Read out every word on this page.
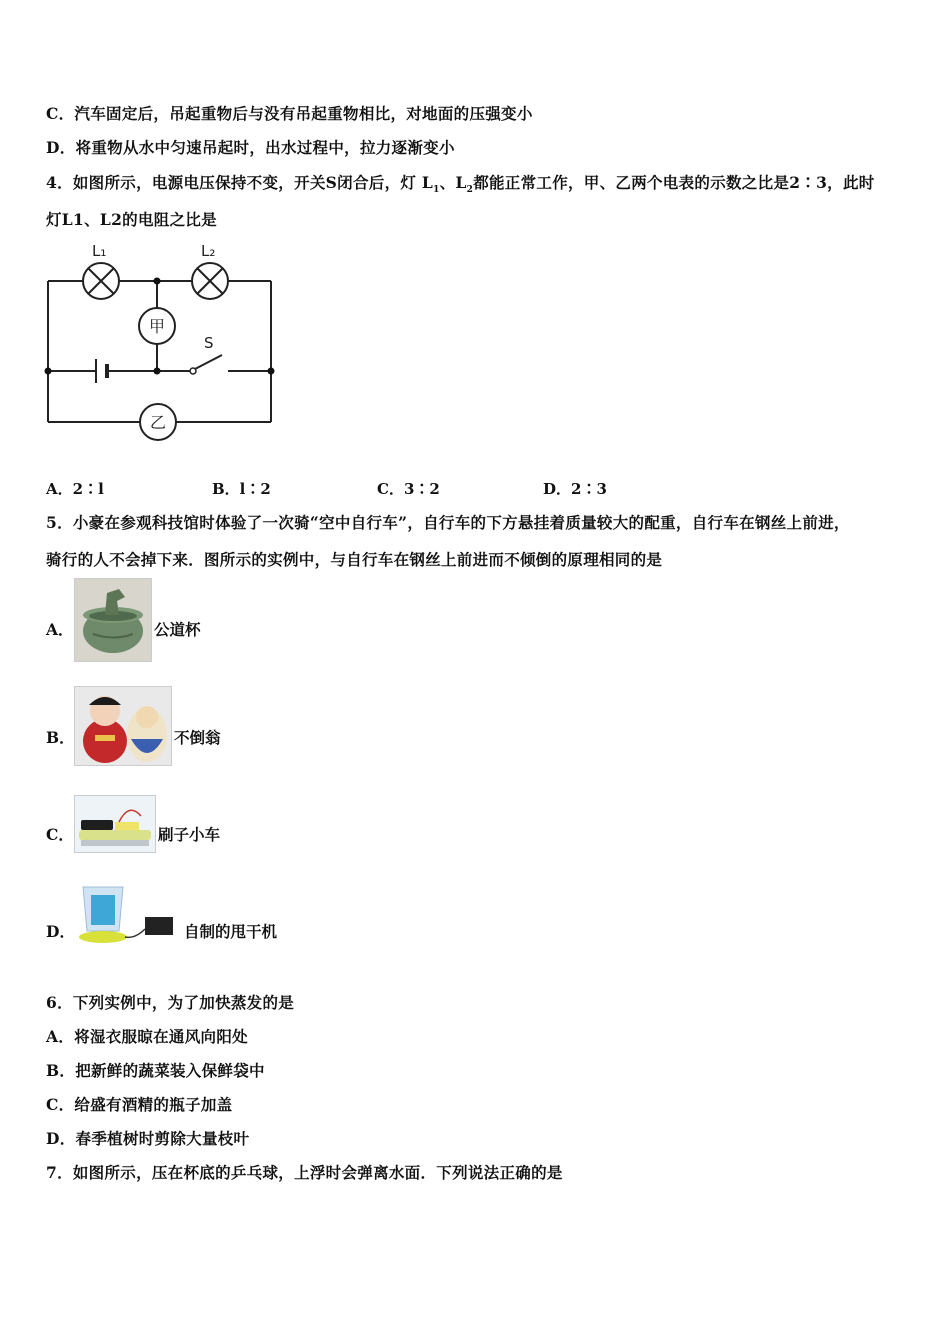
C．汽车固定后，吊起重物后与没有吊起重物相比，对地面的压强变小
D．将重物从水中匀速吊起时，出水过程中，拉力逐渐变小
4．如图所示，电源电压保持不变，开关S闭合后，灯 $L_1$、$L_2$都能正常工作，甲、乙两个电表的示数之比是2∶3，此时
灯L1、L2的电阻之比是
S
L₁	L₂
甲
乙
A．2∶l	B．l∶2	C．3∶2	D．2∶3
5．小豪在参观科技馆时体验了一次骑“空中自行车”，自行车的下方悬挂着质量较大的配重，自行车在钢丝上前进，
骑行的人不会掉下来．图所示的实例中，与自行车在钢丝上前进而不倾倒的原理相同的是
A．	公道杯
B．	不倒翁
C．	刷子小车
D．	自制的甩干机
6．下列实例中，为了加快蒸发的是
A．将湿衣服晾在通风向阳处
B．把新鲜的蔬菜装入保鲜袋中
C．给盛有酒精的瓶子加盖
D．春季植树时剪除大量枝叶
7．如图所示，压在杯底的乒乓球，上浮时会弹离水面．下列说法正确的是
